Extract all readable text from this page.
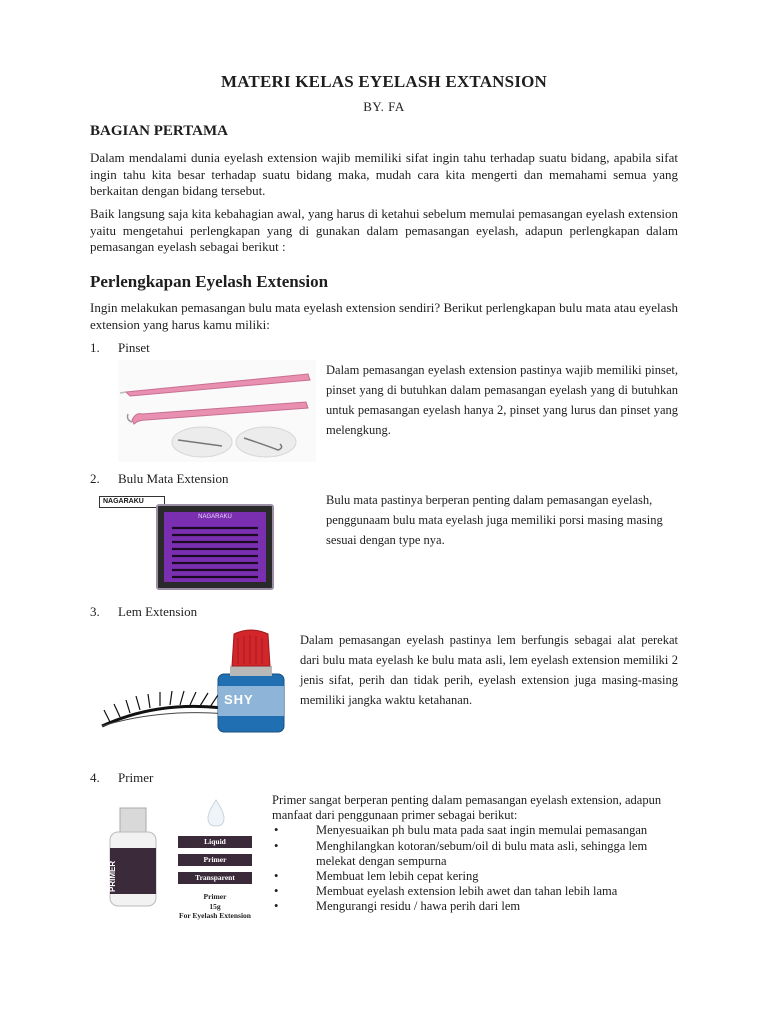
MATERI KELAS EYELASH EXTANSION
BY. FA
BAGIAN PERTAMA
Dalam mendalami dunia eyelash extension wajib memiliki sifat ingin tahu terhadap suatu bidang, apabila sifat ingin tahu kita besar terhadap suatu bidang maka, mudah cara kita mengerti dan memahami semua yang berkaitan dengan bidang tersebut.
Baik langsung saja kita kebahagian awal, yang harus di ketahui sebelum memulai pemasangan eyelash extension yaitu mengetahui perlengkapan yang di gunakan dalam pemasangan eyelash, adapun perlengkapan dalam pemasangan eyelash sebagai berikut :
Perlengkapan Eyelash Extension
Ingin melakukan pemasangan bulu mata eyelash extension sendiri? Berikut perlengkapan bulu mata atau eyelash extension yang harus kamu miliki:
1. Pinset
Dalam pemasangan eyelash extension pastinya wajib memiliki pinset, pinset yang di butuhkan dalam pemasangan eyelash yang di butuhkan untuk pemasangan eyelash hanya 2, pinset yang lurus dan pinset yang melengkung.
2. Bulu Mata Extension
NAGARAKU
NAGARAKU
Bulu mata pastinya berperan penting dalam pemasangan eyelash, penggunaam bulu mata eyelash juga memiliki porsi masing masing sesuai dengan type nya.
3. Lem Extension
SHY
Dalam pemasangan eyelash pastinya lem berfungis sebagai alat perekat dari bulu mata eyelash ke bulu mata asli, lem eyelash extension memiliki 2 jenis sifat, perih dan tidak perih, eyelash extension juga masing-masing memiliki jangka waktu ketahanan.
4. Primer
PRIMER
Liquid
Primer
Transparent
Primer
15g
For Eyelash Extension
Primer sangat berperan penting dalam pemasangan eyelash extension, adapun manfaat dari penggunaan primer sebagai berikut:
•	Menyesuaikan ph bulu mata pada saat ingin memulai pemasangan
•	Menghilangkan kotoran/sebum/oil di bulu mata asli, sehingga lem melekat dengan sempurna
•	Membuat lem lebih cepat kering
•	Membuat eyelash extension lebih awet dan tahan lebih lama
•	Mengurangi residu / hawa perih dari lem
